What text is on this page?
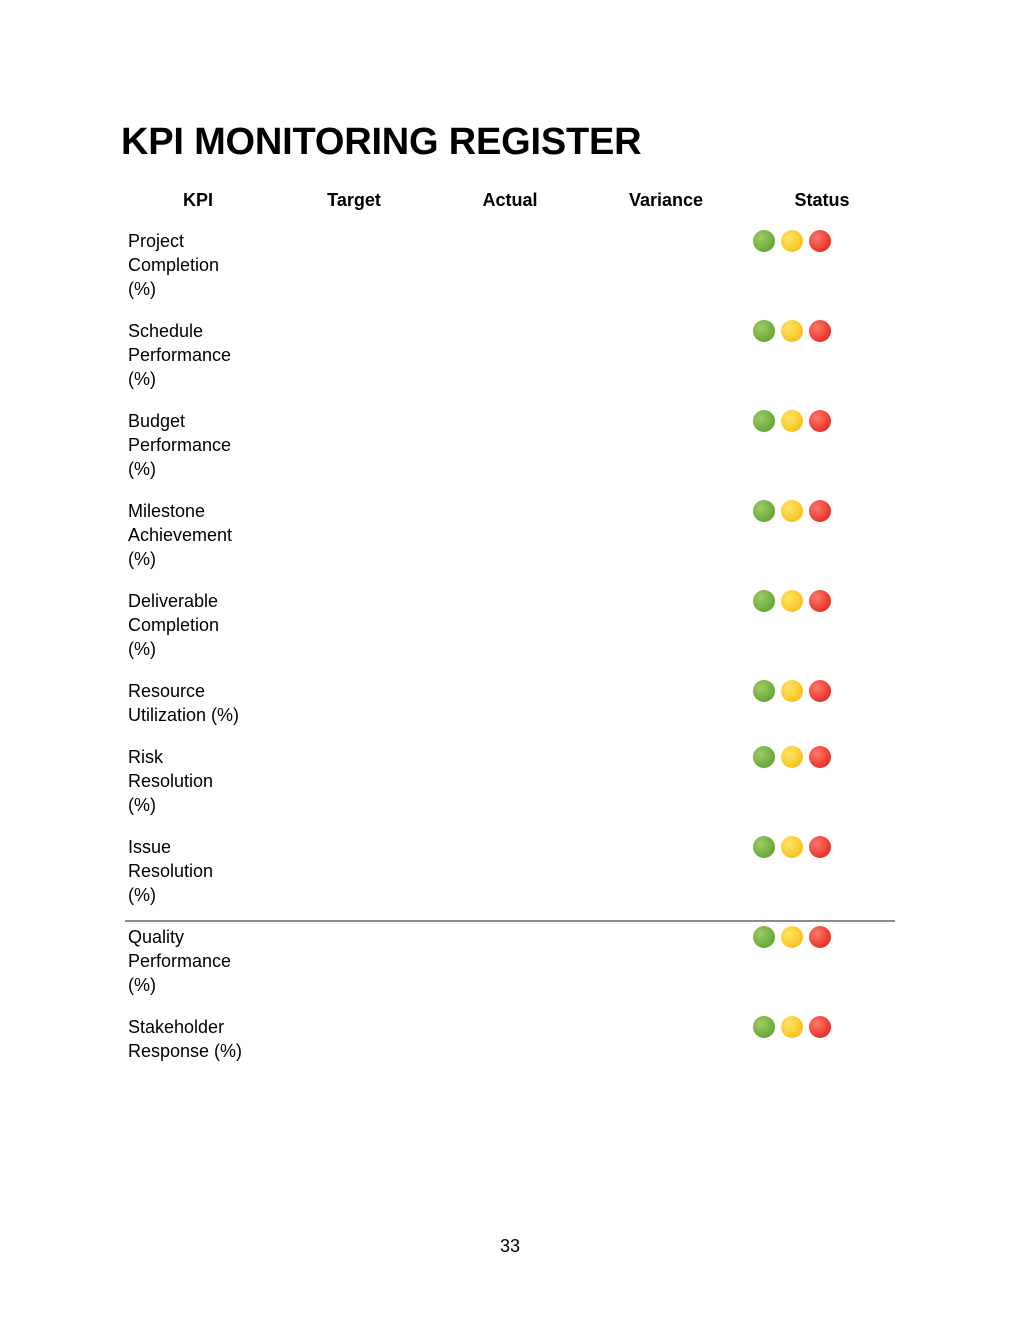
KPI MONITORING REGISTER
KPI	Target	Actual	Variance	Status
Project Completion (%)				

Schedule Performance (%)				

Budget Performance (%)				

Milestone Achievement (%)				

Deliverable Completion (%)				

Resource Utilization (%)				

Risk Resolution (%)				

Issue Resolution (%)				

Quality Performance (%)				

Stakeholder Response (%)				
33
